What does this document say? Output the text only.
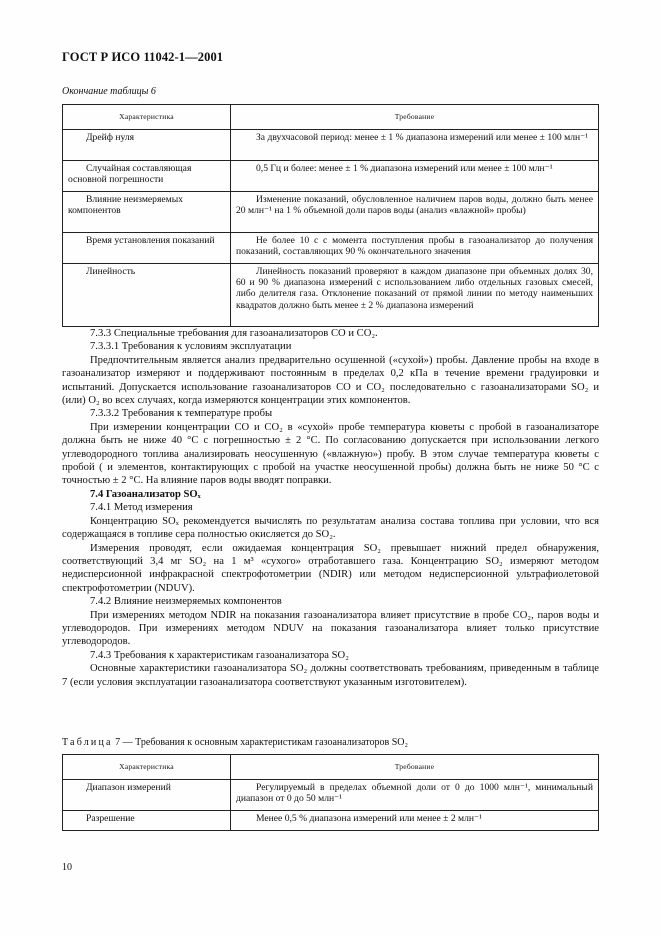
ГОСТ Р ИСО 11042-1—2001
Окончание таблицы 6
Характеристика	Требование

Дрейф нуля	За двухчасовой период: менее ± 1 % диапазона измерений или менее ± 100 млн⁻¹

Случайная составляющая основной погрешности	0,5 Гц и более: менее ± 1 % диапазона измерений или менее ± 100 млн⁻¹

Влияние неизмеряемых компонентов	Изменение показаний, обусловленное наличием паров воды, должно быть менее 20 млн⁻¹ на 1 % объемной доли паров воды (анализ «влажной» пробы)

Время установления показаний	Не более 10 с с момента поступления пробы в газоанализатор до получения показаний, составляющих 90 % окончательного значения

Линейность	Линейность показаний проверяют в каждом диапазоне при объемных долях 30, 60 и 90 % диапазона измерений с использованием либо отдельных газовых смесей, либо делителя газа. Отклонение показаний от прямой линии по методу наименьших квадратов должно быть менее ± 2 % диапазона измерений

7.3.3 Специальные требования для газоанализаторов CO и CO₂.

7.3.3.1 Требования к условиям эксплуатации

Предпочтительным является анализ предварительно осушенной («сухой») пробы. Давление пробы на входе в газоанализатор измеряют и поддерживают постоянным в пределах 0,2 кПа в течение времени градуировки и испытаний. Допускается использование газоанализаторов CO и CO₂ последовательно с газоанализаторами SO₂ и (или) O₂ во всех случаях, когда измеряются концентрации этих компонентов.

7.3.3.2 Требования к температуре пробы

При измерении концентрации CO и CO₂ в «сухой» пробе температура кюветы с пробой в газоанализаторе должна быть не ниже 40 °С с погрешностью ± 2 °С. По согласованию допускается при использовании легкого углеводородного топлива анализировать неосушенную («влажную») пробу. В этом случае температура кюветы с пробой ( и элементов, контактирующих с пробой на участке неосушенной пробы) должна быть не ниже 50 °С с точностью ± 2 °С. На влияние паров воды вводят поправки.

7.4 Газоанализатор SOₓ

7.4.1 Метод измерения

Концентрацию SOₓ рекомендуется вычислять по результатам анализа состава топлива при условии, что вся содержащаяся в топливе сера полностью окисляется до SO₂.

Измерения проводят, если ожидаемая концентрация SO₂ превышает нижний предел обнаружения, соответствующий 3,4 мг SO₂ на 1 м³ «сухого» отработавшего газа. Концентрацию SO₂ измеряют методом недисперсионной инфракрасной спектрофотометрии (NDIR) или методом недисперсионной ультрафиолетовой спектрофотометрии (NDUV).

7.4.2 Влияние неизмеряемых компонентов

При измерениях методом NDIR на показания газоанализатора влияет присутствие в пробе CO₂, паров воды и углеводородов. При измерениях методом NDUV на показания газоанализатора влияет только присутствие углеводородов.

7.4.3 Требования к характеристикам газоанализатора SO₂

Основные характеристики газоанализатора SO₂ должны соответствовать требованиям, приведенным в таблице 7 (если условия эксплуатации газоанализатора соответствуют указанным изготовителем).

Таблица 7 — Требования к основным характеристикам газоанализаторов SO₂
Характеристика	Требование

Диапазон измерений	Регулируемый в пределах объемной доли от 0 до 1000 млн⁻¹, минимальный диапазон от 0 до 50 млн⁻¹

Разрешение	Менее 0,5 % диапазона измерений или менее ± 2 млн⁻¹
10
